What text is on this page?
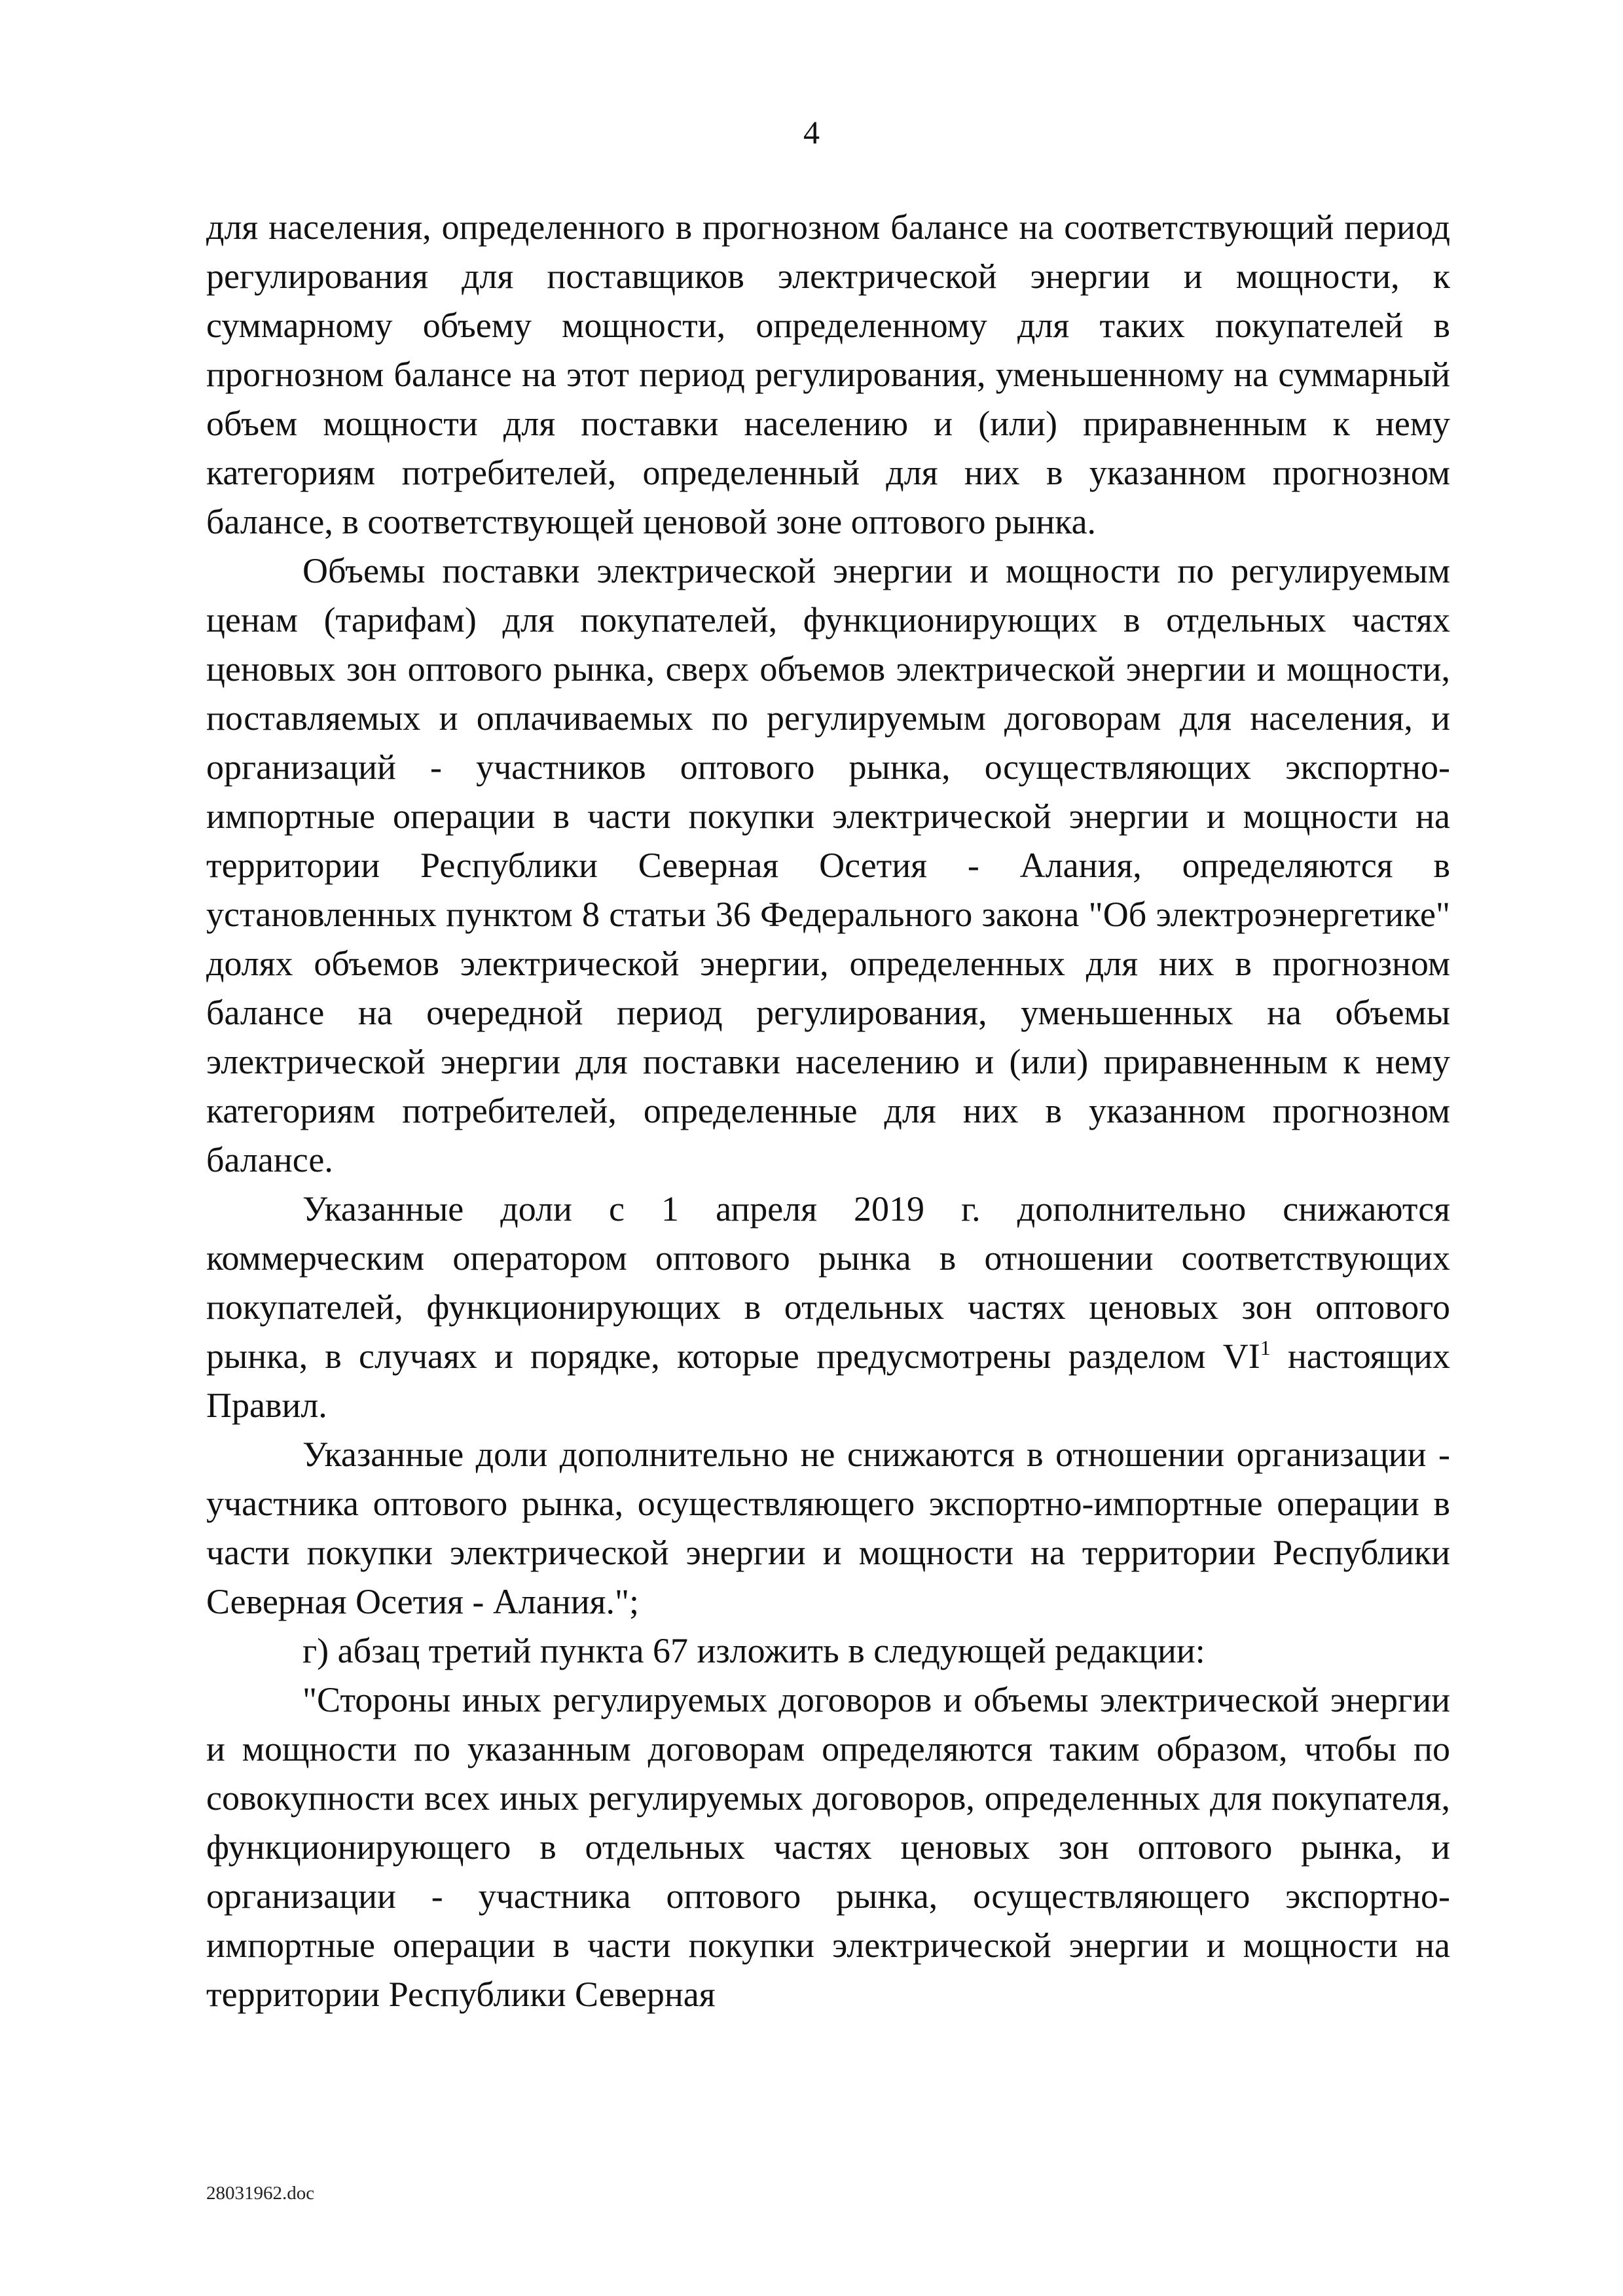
4

для населения, определенного в прогнозном балансе на соответствующий период регулирования для поставщиков электрической энергии и мощности, к суммарному объему мощности, определенному для таких покупателей в прогнозном балансе на этот период регулирования, уменьшенному на суммарный объем мощности для поставки населению и (или) приравненным к нему категориям потребителей, определенный для них в указанном прогнозном балансе, в соответствующей ценовой зоне оптового рынка.

Объемы поставки электрической энергии и мощности по регулируемым ценам (тарифам) для покупателей, функционирующих в отдельных частях ценовых зон оптового рынка, сверх объемов электрической энергии и мощности, поставляемых и оплачиваемых по регулируемым договорам для населения, и организаций - участников оптового рынка, осуществляющих экспортно-импортные операции в части покупки электрической энергии и мощности на территории Республики Северная Осетия - Алания, определяются в установленных пунктом 8 статьи 36 Федерального закона "Об электроэнергетике" долях объемов электрической энергии, определенных для них в прогнозном балансе на очередной период регулирования, уменьшенных на объемы электрической энергии для поставки населению и (или) приравненным к нему категориям потребителей, определенные для них в указанном прогнозном балансе.

Указанные доли с 1 апреля 2019 г. дополнительно снижаются коммерческим оператором оптового рынка в отношении соответствующих покупателей, функционирующих в отдельных частях ценовых зон оптового рынка, в случаях и порядке, которые предусмотрены разделом $VI^1$ настоящих Правил.

Указанные доли дополнительно не снижаются в отношении организации - участника оптового рынка, осуществляющего экспортно-импортные операции в части покупки электрической энергии и мощности на территории Республики Северная Осетия - Алания.";

г) абзац третий пункта 67 изложить в следующей редакции:

"Стороны иных регулируемых договоров и объемы электрической энергии и мощности по указанным договорам определяются таким образом, чтобы по совокупности всех иных регулируемых договоров, определенных для покупателя, функционирующего в отдельных частях ценовых зон оптового рынка, и организации - участника оптового рынка, осуществляющего экспортно-импортные операции в части покупки электрической энергии и мощности на территории Республики Северная

28031962.doc
